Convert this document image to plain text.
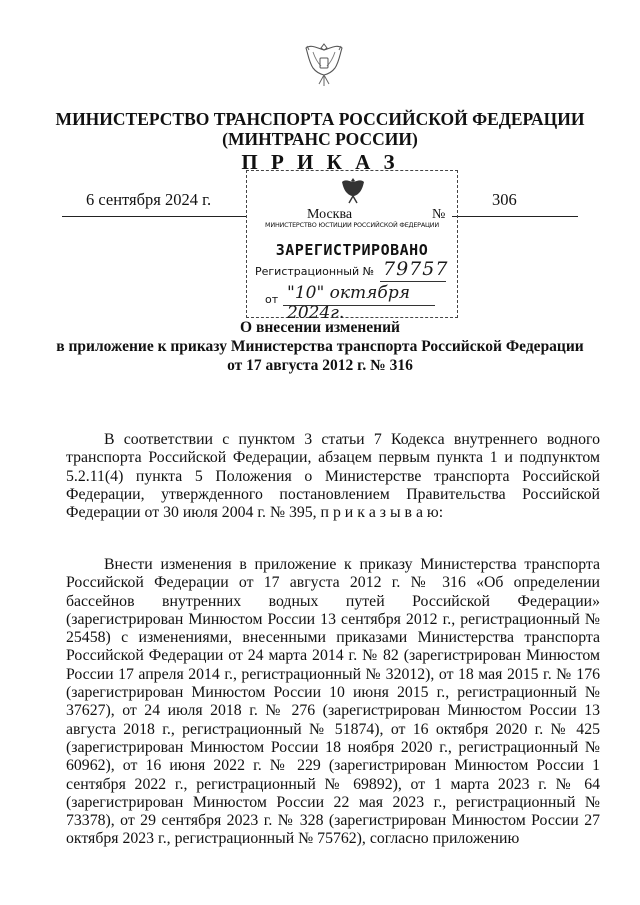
МИНИСТЕРСТВО ТРАНСПОРТА РОССИЙСКОЙ ФЕДЕРАЦИИ
(МИНТРАНС РОССИИ)
П Р И К А З
6 сентября 2024 г.	306
Москва	№
МИНИСТЕРСТВО ЮСТИЦИИ РОССИЙСКОЙ ФЕДЕРАЦИИ
ЗАРЕГИСТРИРОВАНО
Регистрационный № 79757
от "10" октября 2024г.
О внесении изменений
в приложение к приказу Министерства транспорта Российской Федерации
от 17 августа 2012 г. № 316

В соответствии с пунктом 3 статьи 7 Кодекса внутреннего водного транспорта Российской Федерации, абзацем первым пункта 1 и подпунктом 5.2.11(4) пункта 5 Положения о Министерстве транспорта Российской Федерации, утвержденного постановлением Правительства Российской Федерации от 30 июля 2004 г. № 395, п р и к а з ы в а ю:

Внести изменения в приложение к приказу Министерства транспорта Российской Федерации от 17 августа 2012 г. № 316 «Об определении бассейнов внутренних водных путей Российской Федерации» (зарегистрирован Минюстом России 13 сентября 2012 г., регистрационный № 25458) с изменениями, внесенными приказами Министерства транспорта Российской Федерации от 24 марта 2014 г. № 82 (зарегистрирован Минюстом России 17 апреля 2014 г., регистрационный № 32012), от 18 мая 2015 г. № 176 (зарегистрирован Минюстом России 10 июня 2015 г., регистрационный № 37627), от 24 июля 2018 г. № 276 (зарегистрирован Минюстом России 13 августа 2018 г., регистрационный № 51874), от 16 октября 2020 г. № 425 (зарегистрирован Минюстом России 18 ноября 2020 г., регистрационный № 60962), от 16 июня 2022 г. № 229 (зарегистрирован Минюстом России 1 сентября 2022 г., регистрационный № 69892), от 1 марта 2023 г. № 64 (зарегистрирован Минюстом России 22 мая 2023 г., регистрационный № 73378), от 29 сентября 2023 г. № 328 (зарегистрирован Минюстом России 27 октября 2023 г., регистрационный № 75762), согласно приложению
